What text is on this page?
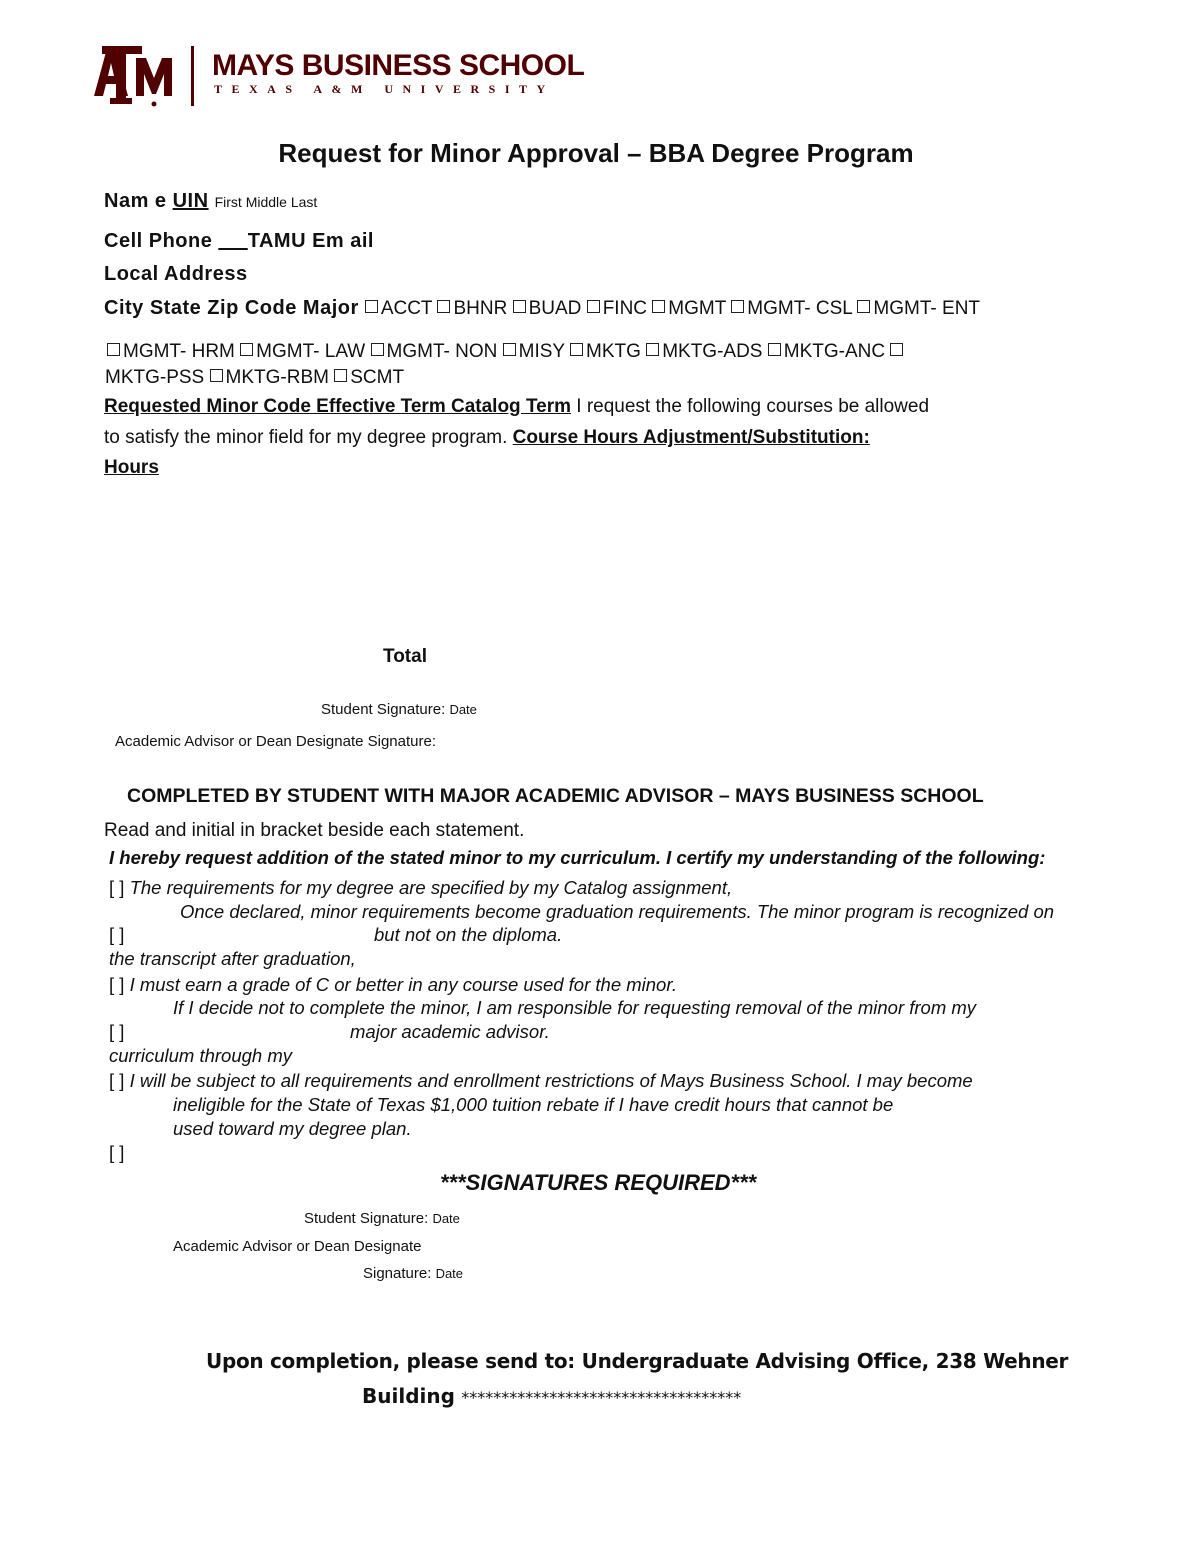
MAYS BUSINESS SCHOOL
TEXAS A&M UNIVERSITY
Request for Minor Approval – BBA Degree Program
Nam e UIN First Middle Last
Cell Phone _ _TAMU Em ail
Local Address
City State Zip Code Major ACCT BHNR BUAD FINC MGMT MGMT- CSL MGMT- ENT
MGMT- HRM MGMT- LAW MGMT- NON MISY MKTG MKTG-ADS MKTG-ANC
MKTG-PSS MKTG-RBM SCMT
Requested Minor Code Effective Term Catalog Term I request the following courses be allowed
to satisfy the minor field for my degree program. Course Hours Adjustment/Substitution:
Hours
Total
Student Signature: Date
Academic Advisor or Dean Designate Signature:
COMPLETED BY STUDENT WITH MAJOR ACADEMIC ADVISOR – MAYS BUSINESS SCHOOL
Read and initial in bracket beside each statement.
I hereby request addition of the stated minor to my curriculum. I certify my understanding of the following:
[ ] The requirements for my degree are specified by my Catalog assignment,
Once declared, minor requirements become graduation requirements. The minor program is recognized on
[ ]	but not on the diploma.
the transcript after graduation,
[ ] I must earn a grade of C or better in any course used for the minor.
If I decide not to complete the minor, I am responsible for requesting removal of the minor from my
[ ]	major academic advisor.
curriculum through my
[ ] I will be subject to all requirements and enrollment restrictions of Mays Business School. I may become
ineligible for the State of Texas $1,000 tuition rebate if I have credit hours that cannot be
used toward my degree plan.
[ ]
***SIGNATURES REQUIRED***
Student Signature: Date
Academic Advisor or Dean Designate
Signature: Date
Upon completion, please send to: Undergraduate Advising Office, 238 Wehner
Building ***********************************
